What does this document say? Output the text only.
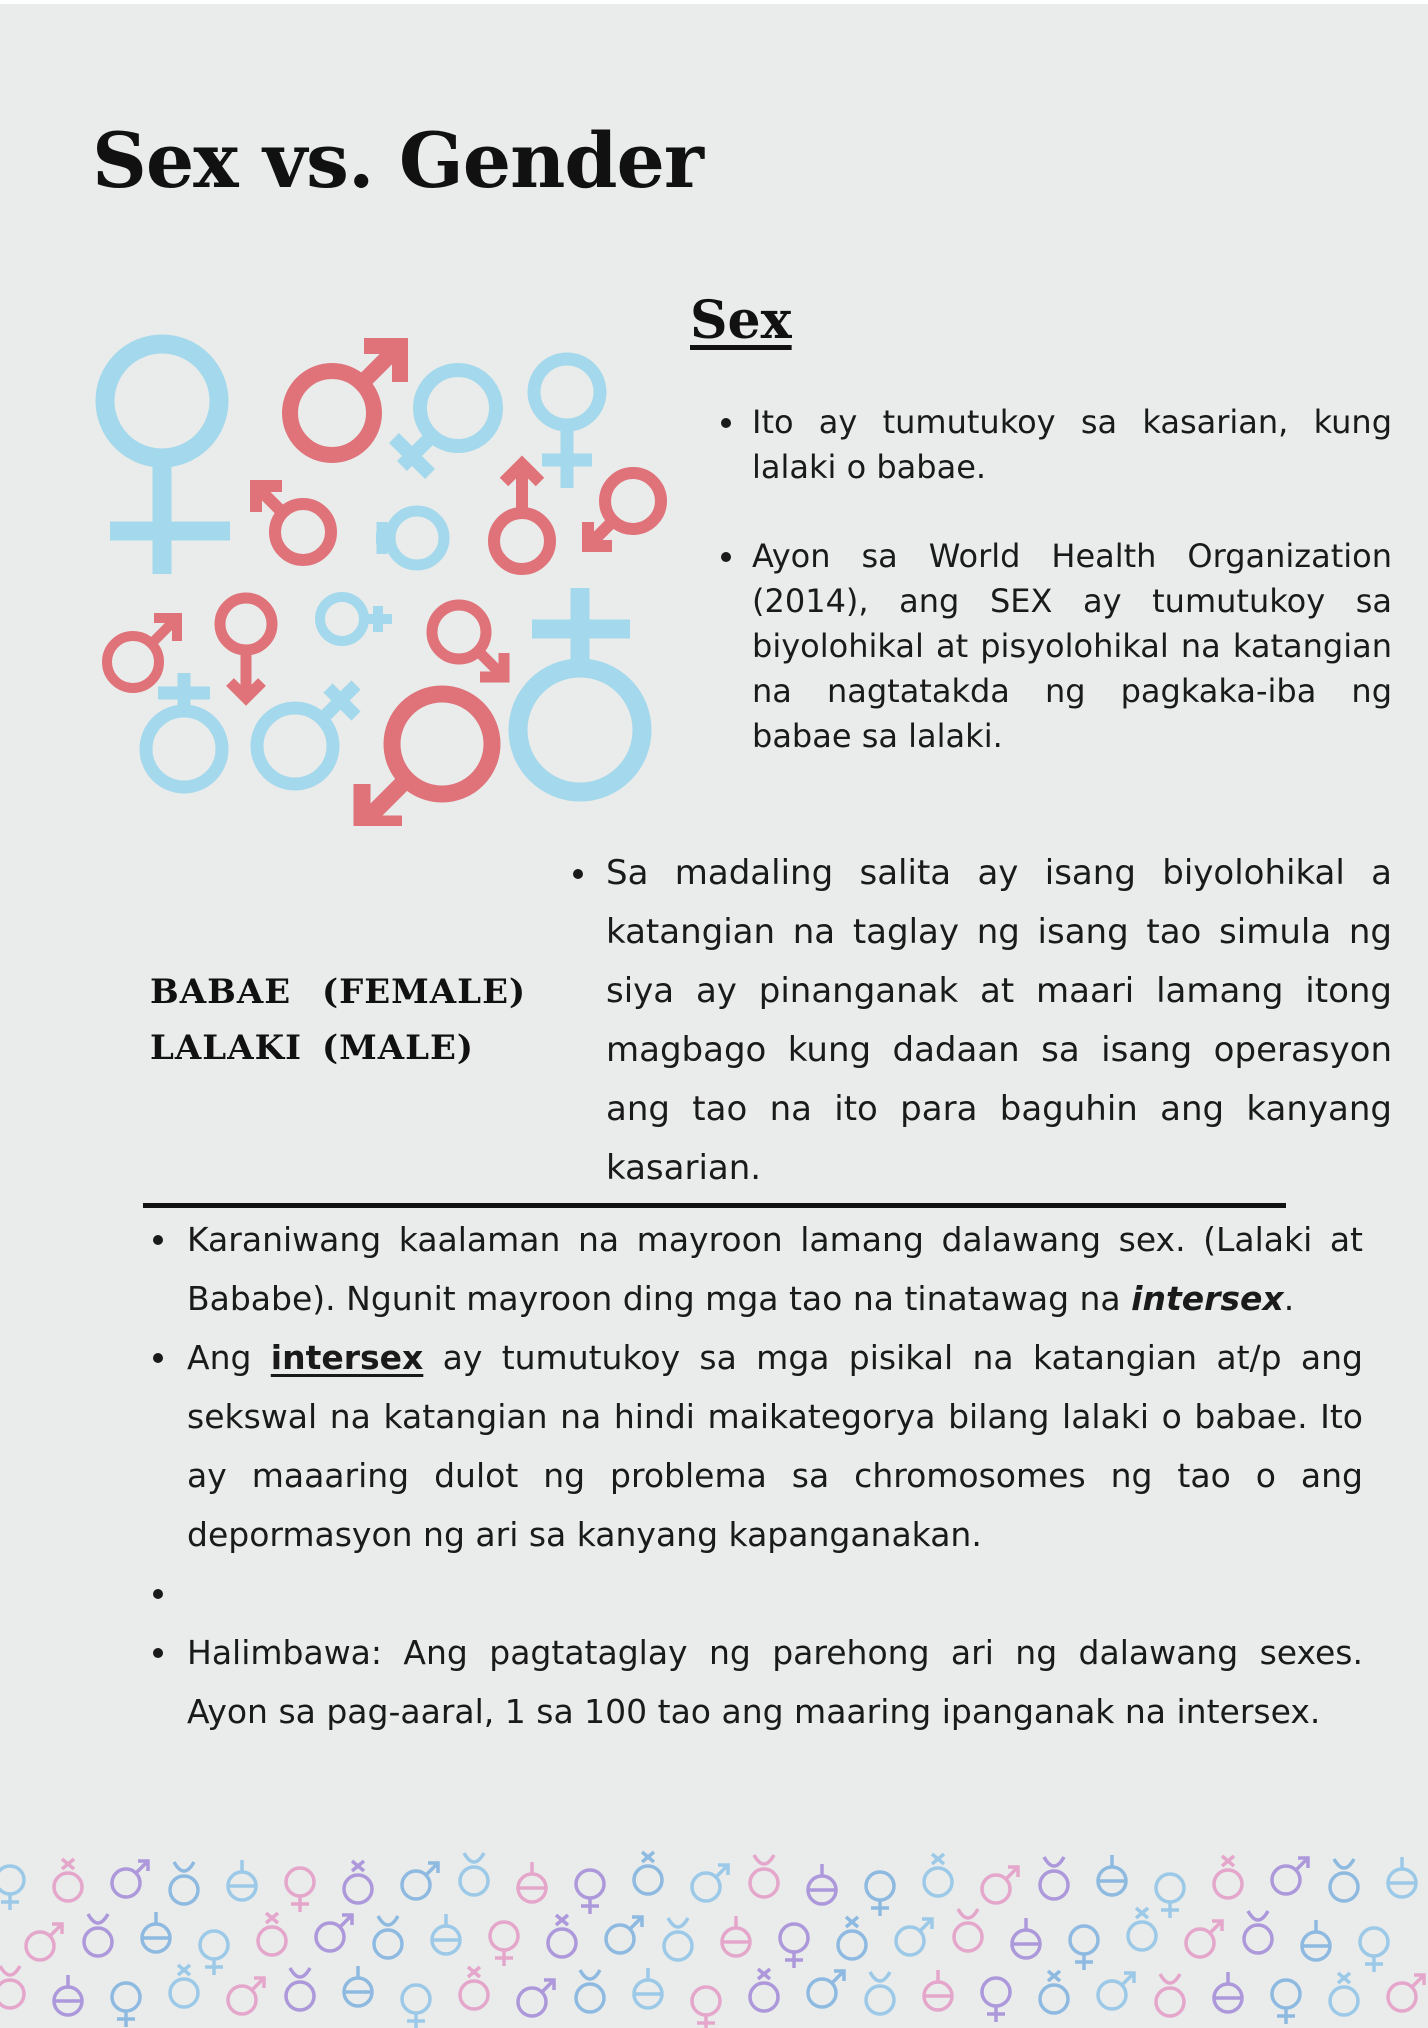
Sex vs. Gender
Sex
Ito ay tumutukoy sa kasarian, kung lalaki o babae.
Ayon sa World Health Organization (2014), ang SEX ay tumutukoy sa biyolohikal at pisyolohikal na katangian na nagtatakda ng pagkaka-iba ng babae sa lalaki.
Sa madaling salita ay isang biyolohikal a katangian na taglay ng isang tao simula ng siya ay pinanganak at maari lamang itong magbago kung dadaan sa isang operasyon ang tao na ito para baguhin ang kanyang kasarian.
BABAE (FEMALE)
LALAKI (MALE)
Karaniwang kaalaman na mayroon lamang dalawang sex. (Lalaki at Bababe). Ngunit mayroon ding mga tao na tinatawag na intersex.
Ang intersex ay tumutukoy sa mga pisikal na katangian at/p ang sekswal na katangian na hindi maikategorya bilang lalaki o babae. Ito ay maaaring dulot ng problema sa chromosomes ng tao o ang depormasyon ng ari sa kanyang kapanganakan.
Halimbawa: Ang pagtataglay ng parehong ari ng dalawang sexes. Ayon sa pag-aaral, 1 sa 100 tao ang maaring ipanganak na intersex.
